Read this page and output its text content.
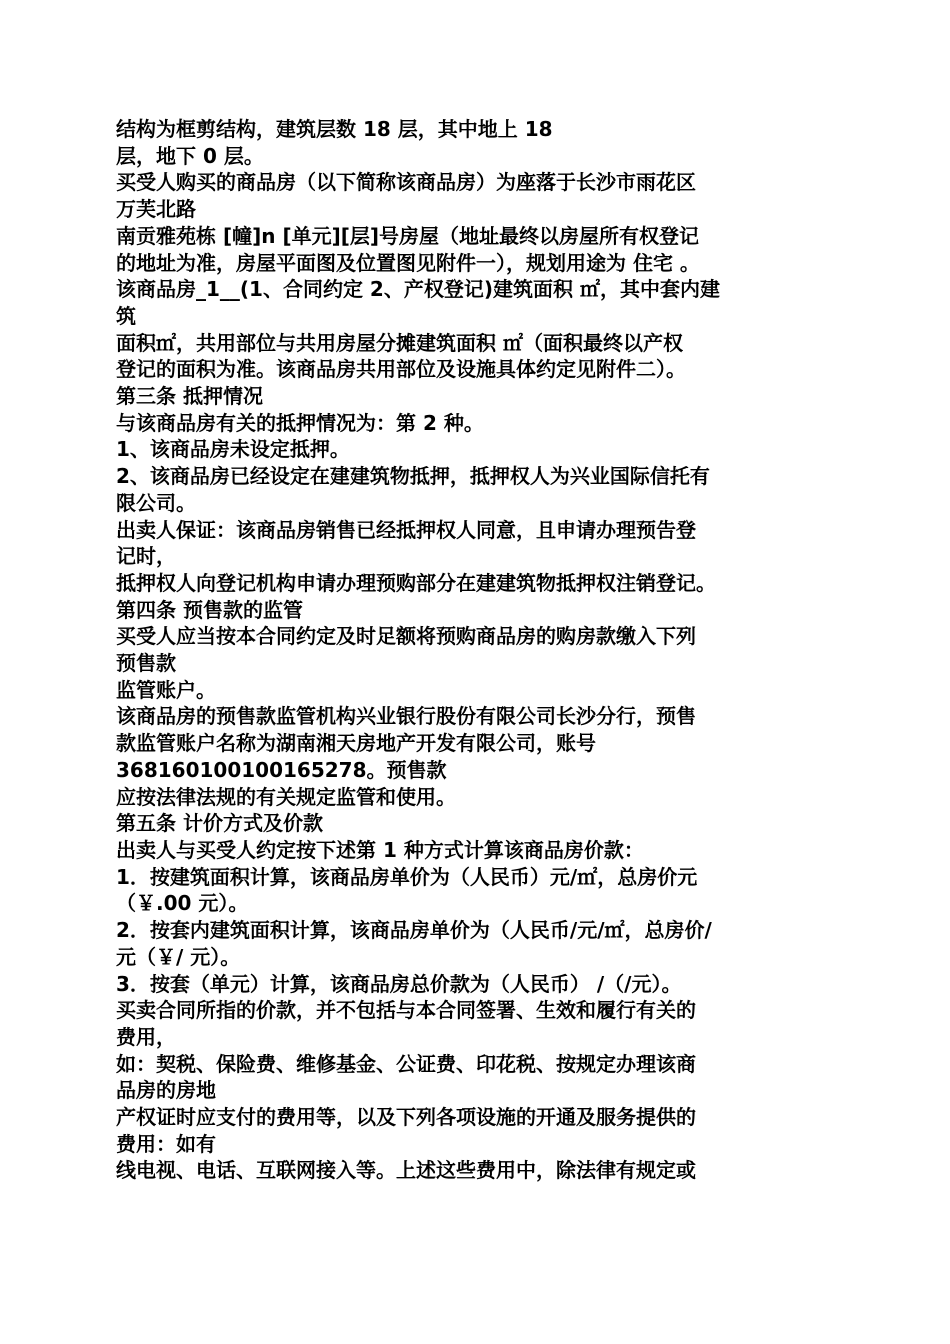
结构为框剪结构，建筑层数 18 层，其中地上 18
层，地下 0 层。
买受人购买的商品房（以下简称该商品房）为座落于长沙市雨花区
万芙北路
南贡雅苑栋 [幢]n [单元][层]号房屋（地址最终以房屋所有权登记
的地址为准，房屋平面图及位置图见附件一），规划用途为 住宅 。
该商品房_1__(1、合同约定 2、产权登记)建筑面积 ㎡，其中套内建
筑
面积㎡，共用部位与共用房屋分摊建筑面积 ㎡（面积最终以产权
登记的面积为准。该商品房共用部位及设施具体约定见附件二）。
第三条 抵押情况
与该商品房有关的抵押情况为：第 2 种。
1、该商品房未设定抵押。
2、该商品房已经设定在建建筑物抵押，抵押权人为兴业国际信托有
限公司。
出卖人保证：该商品房销售已经抵押权人同意，且申请办理预告登
记时，
抵押权人向登记机构申请办理预购部分在建建筑物抵押权注销登记。
第四条 预售款的监管
买受人应当按本合同约定及时足额将预购商品房的购房款缴入下列
预售款
监管账户。
该商品房的预售款监管机构兴业银行股份有限公司长沙分行，预售
款监管账户名称为湖南湘天房地产开发有限公司，账号
368160100100165278。预售款
应按法律法规的有关规定监管和使用。
第五条 计价方式及价款
出卖人与买受人约定按下述第 1 种方式计算该商品房价款：
1．按建筑面积计算，该商品房单价为（人民币）元/㎡，总房价元
（￥.00 元）。
2．按套内建筑面积计算，该商品房单价为（人民币/元/㎡，总房价/
元（￥/ 元）。
3．按套（单元）计算，该商品房总价款为（人民币） /（/元）。
买卖合同所指的价款，并不包括与本合同签署、生效和履行有关的
费用，
如：契税、保险费、维修基金、公证费、印花税、按规定办理该商
品房的房地
产权证时应支付的费用等，以及下列各项设施的开通及服务提供的
费用：如有
线电视、电话、互联网接入等。上述这些费用中，除法律有规定或
